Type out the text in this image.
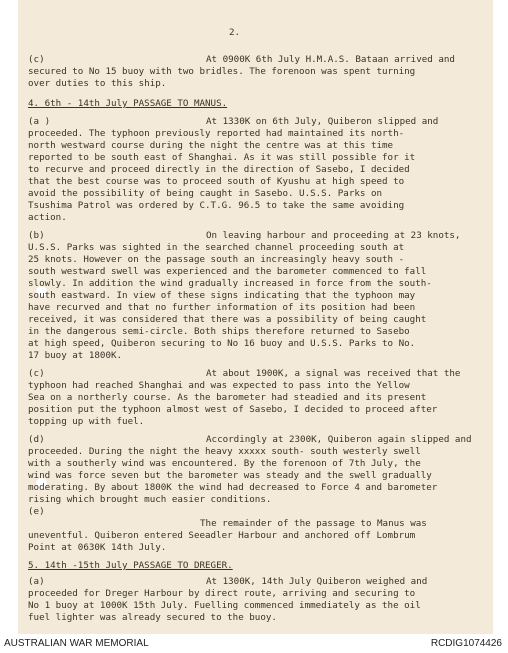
2.
(c)	At 0900K 6th July H.M.A.S. Bataan arrived and
secured to No 15 buoy with two bridles. The forenoon was spent turning
over duties to this ship.
4. 6th - 14th July PASSAGE TO MANUS.
(a )	At 1330K on 6th July, Quiberon slipped and
proceeded. The typhoon previously reported had maintained its north-
north westward course during the night the centre was at this time
reported to be south east of Shanghai. As it was still possible for it
to recurve and proceed directly in the direction of Sasebo, I decided
that the best course was to proceed south of Kyushu at high speed to
avoid the possibility of being caught in Sasebo. U.S.S. Parks on
Tsushima Patrol was ordered by C.T.G. 96.5 to take the same avoiding
action.
(b)	On leaving harbour and proceeding at 23 knots,
U.S.S. Parks was sighted in the searched channel proceeding south at
25 knots. However on the passage south an increasingly heavy south -
south westward swell was experienced and the barometer commenced to fall
slowly. In addition the wind gradually increased in force from the south-
south eastward. In view of these signs indicating that the typhoon may
have recurved and that no further information of its position had been
received, it was considered that there was a possibility of being caught
in the dangerous semi-circle. Both ships therefore returned to Sasebo
at high speed, Quiberon securing to No 16 buoy and U.S.S. Parks to No.
17 buoy at 1800K.
(c)	At about 1900K, a signal was received that the
typhoon had reached Shanghai and was expected to pass into the Yellow
Sea on a northerly course. As the barometer had steadied and its present
position put the typhoon almost west of Sasebo, I decided to proceed after
topping up with fuel.
(d)	Accordingly at 2300K, Quiberon again slipped and
proceeded. During the night the heavy xxxxx south- south westerly swell
with a southerly wind was encountered. By the forenoon of 7th July, the
wind was force seven but the barometer was steady and the swell gradually
moderating. By about 1800K the wind had decreased to Force 4 and barometer
rising which brought much easier conditions.
(e)
The remainder of the passage to Manus was
uneventful. Quiberon entered Seeadler Harbour and anchored off Lombrum
Point at 0630K 14th July.
5. 14th -15th July PASSAGE TO DREGER.
(a)	At 1300K, 14th July Quiberon weighed and
proceeded for Dreger Harbour by direct route, arriving and securing to
No 1 buoy at 1000K 15th July. Fuelling commenced immediately as the oil
fuel lighter was already secured to the buoy.
AUSTRALIAN WAR MEMORIAL	RCDIG1074426
